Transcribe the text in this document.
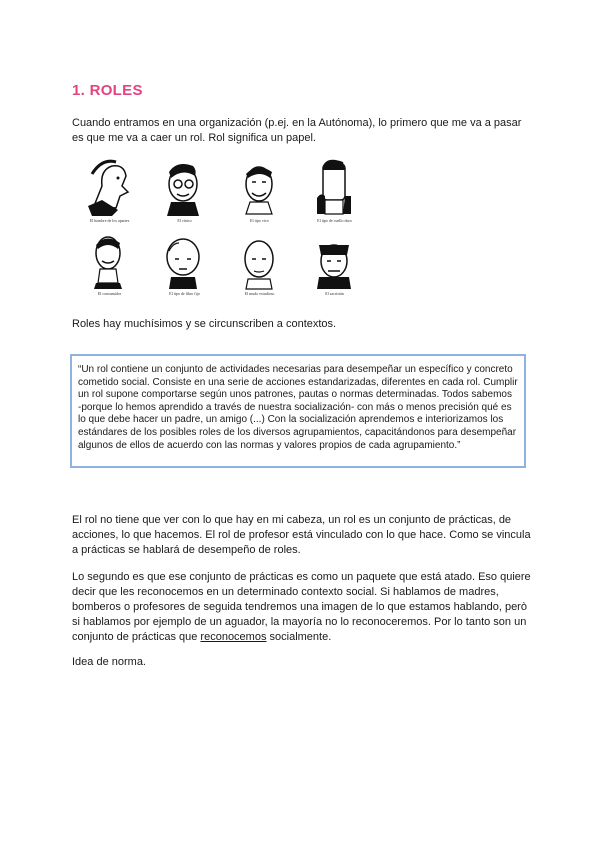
1. ROLES

Cuando entramos en una organización (p.ej. en la Autónoma), lo primero que me va a pasar es que me va a caer un rol. Rol significa un papel.

El hombre de los apartes	El cínico	El tipo vivo	El tipo de cuello duro
El consumidor	El tipo de libro fijo	El mudo estudioso	El sacristán

Roles hay muchísimos y se circunscriben a contextos.

“Un rol contiene un conjunto de actividades necesarias para desempeñar un específico y concreto cometido social. Consiste en una serie de acciones estandarizadas, diferentes en cada rol. Cumplir un rol supone comportarse según unos patrones, pautas o normas determinadas. Todos sabemos -porque lo hemos aprendido a través de nuestra socialización- con más o menos precisión qué es lo que debe hacer un padre, un amigo (...) Con la socialización aprendemos e interiorizamos los estándares de los posibles roles de los diversos agrupamientos, capacitándonos para desempeñar algunos de ellos de acuerdo con las normas y valores propios de cada agrupamiento.”

El rol no tiene que ver con lo que hay en mi cabeza, un rol es un conjunto de prácticas, de acciones, lo que hacemos. El rol de profesor está vinculado con lo que hace. Como se vincula a prácticas se hablará de desempeño de roles.

Lo segundo es que ese conjunto de prácticas es como un paquete que está atado. Eso quiere decir que les reconocemos en un determinado contexto social. Si hablamos de madres, bomberos o profesores de seguida tendremos una imagen de lo que estamos hablando, però si hablamos por ejemplo de un aguador, la mayoría no lo reconoceremos. Por lo tanto son un conjunto de prácticas que reconocemos socialmente.

Idea de norma.
